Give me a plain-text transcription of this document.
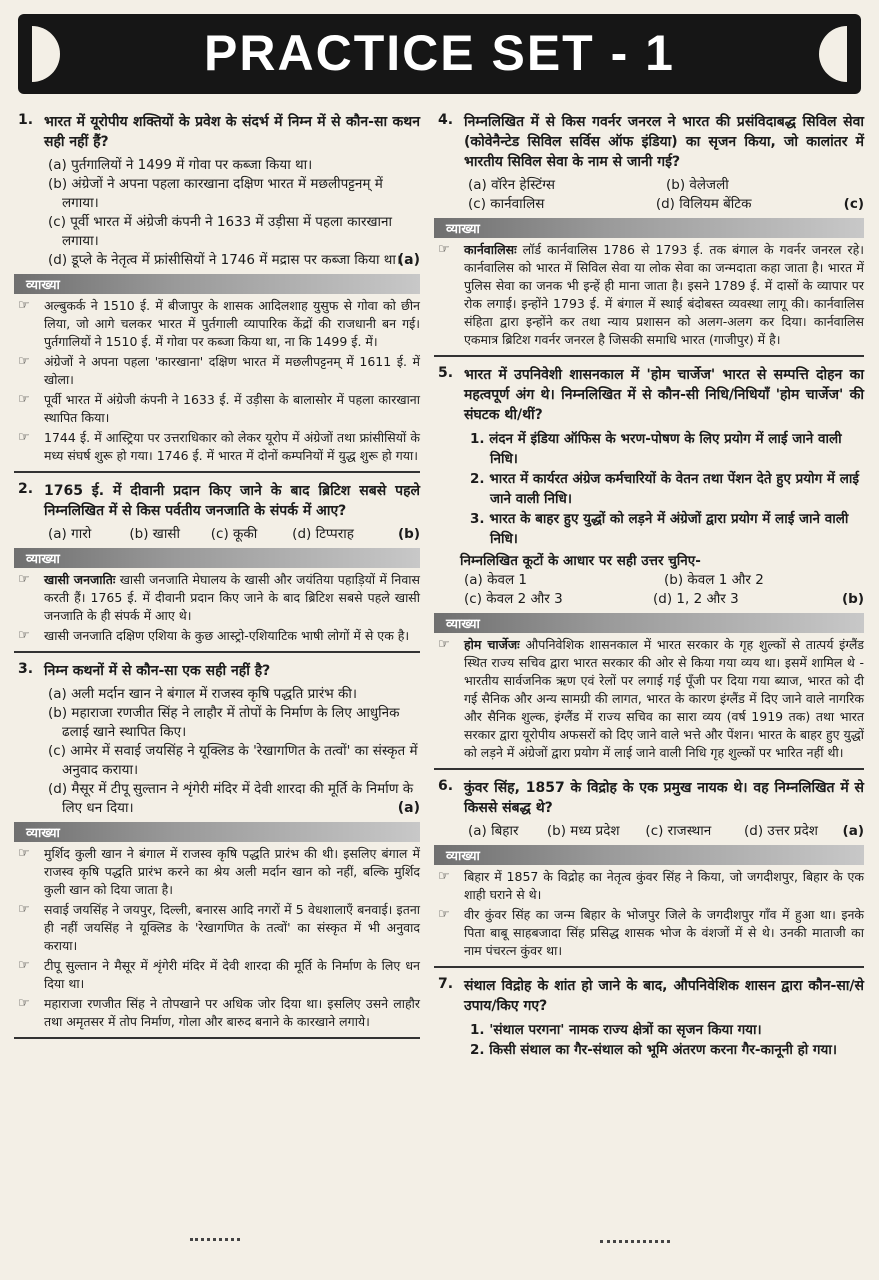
PRACTICE SET - 1
1. भारत में यूरोपीय शक्तियों के प्रवेश के संदर्भ में निम्न में से कौन-सा कथन सही नहीं हैं?
(a) पुर्तगालियों ने 1499 में गोवा पर कब्जा किया था।
(b) अंग्रेजों ने अपना पहला कारखाना दक्षिण भारत में मछलीपट्टनम् में लगाया।
(c) पूर्वी भारत में अंग्रेजी कंपनी ने 1633 में उड़ीसा में पहला कारखाना लगाया।
(d) डूप्ले के नेतृत्व में फ्रांसीसियों ने 1746 में मद्रास पर कब्जा किया था।
(a)
व्याख्या
☞ अल्बुकर्क ने 1510 ई. में बीजापुर के शासक आदिलशाह युसुफ से गोवा को छीन लिया, जो आगे चलकर भारत में पुर्तगाली व्यापारिक केंद्रों की राजधानी बन गई। पुर्तगालियों ने 1510 ई. में गोवा पर कब्जा किया था, ना कि 1499 ई. में।
☞ अंग्रेजों ने अपना पहला 'कारखाना' दक्षिण भारत में मछलीपट्टनम् में 1611 ई. में खोला।
☞ पूर्वी भारत में अंग्रेजी कंपनी ने 1633 ई. में उड़ीसा के बालासोर में पहला कारखाना स्थापित किया।
☞ 1744 ई. में आस्ट्रिया पर उत्तराधिकार को लेकर यूरोप में अंग्रेजों तथा फ्रांसीसियों के मध्य संघर्ष शुरू हो गया। 1746 ई. में भारत में दोनों कम्पनियों में युद्ध शुरू हो गया।
2. 1765 ई. में दीवानी प्रदान किए जाने के बाद ब्रिटिश सबसे पहले निम्नलिखित में से किस पर्वतीय जनजाति के संपर्क में आए?
(a) गारो	(b) खासी	(c) कूकी	(d) टिप्पराह	(b)
व्याख्या
☞ खासी जनजातिः खासी जनजाति मेघालय के खासी और जयंतिया पहाड़ियों में निवास करती हैं। 1765 ई. में दीवानी प्रदान किए जाने के बाद ब्रिटिश सबसे पहले खासी जनजाति के ही संपर्क में आए थे।
☞ खासी जनजाति दक्षिण एशिया के कुछ आस्ट्रो-एशियाटिक भाषी लोगों में से एक है।
3. निम्न कथनों में से कौन-सा एक सही नहीं है?
(a) अली मर्दान खान ने बंगाल में राजस्व कृषि पद्धति प्रारंभ की।
(b) महाराजा रणजीत सिंह ने लाहौर में तोपों के निर्माण के लिए आधुनिक ढलाई खाने स्थापित किए।
(c) आमेर में सवाई जयसिंह ने यूक्लिड के 'रेखागणित के तत्वों' का संस्कृत में अनुवाद कराया।
(d) मैसूर में टीपू सुल्तान ने शृंगेरी मंदिर में देवी शारदा की मूर्ति के निर्माण के लिए धन दिया।	(a)
व्याख्या
☞ मुर्शिद कुली खान ने बंगाल में राजस्व कृषि पद्धति प्रारंभ की थी। इसलिए बंगाल में राजस्व कृषि पद्धति प्रारंभ करने का श्रेय अली मर्दान खान को नहीं, बल्कि मुर्शिद कुली खान को दिया जाता है।
☞ सवाई जयसिंह ने जयपुर, दिल्ली, बनारस आदि नगरों में 5 वेधशालाएँ बनवाई। इतना ही नहीं जयसिंह ने यूक्लिड के 'रेखागणित के तत्वों' का संस्कृत में भी अनुवाद कराया।
☞ टीपू सुल्तान ने मैसूर में शृंगेरी मंदिर में देवी शारदा की मूर्ति के निर्माण के लिए धन दिया था।
☞ महाराजा रणजीत सिंह ने तोपखाने पर अधिक जोर दिया था। इसलिए उसने लाहौर तथा अमृतसर में तोप निर्माण, गोला और बारुद बनाने के कारखाने लगाये।
4. निम्नलिखित में से किस गवर्नर जनरल ने भारत की प्रसंविदाबद्ध सिविल सेवा (कोवेनैन्टेड सिविल सर्विस ऑफ इंडिया) का सृजन किया, जो कालांतर में भारतीय सिविल सेवा के नाम से जानी गई?
(a) वॉरेन हेस्टिंग्स	(b) वेलेजली
(c) कार्नवालिस	(d) विलियम बेंटिक	(c)
व्याख्या
☞ कार्नवालिसः लॉर्ड कार्नवालिस 1786 से 1793 ई. तक बंगाल के गवर्नर जनरल रहे। कार्नवालिस को भारत में सिविल सेवा या लोक सेवा का जन्मदाता कहा जाता है। भारत में पुलिस सेवा का जनक भी इन्हें ही माना जाता है। इसने 1789 ई. में दासों के व्यापार पर रोक लगाई। इन्होंने 1793 ई. में बंगाल में स्थाई बंदोबस्त व्यवस्था लागू की। कार्नवालिस संहिता द्वारा इन्होंने कर तथा न्याय प्रशासन को अलग-अलग कर दिया। कार्नवालिस एकमात्र ब्रिटिश गवर्नर जनरल है जिसकी समाधि भारत (गाजीपुर) में है।
5. भारत में उपनिवेशी शासनकाल में 'होम चार्जेज' भारत से सम्पत्ति दोहन का महत्वपूर्ण अंग थे। निम्नलिखित में से कौन-सी निधि/निधियाँ 'होम चार्जेज' की संघटक थी/थीं?
1. लंदन में इंडिया ऑफिस के भरण-पोषण के लिए प्रयोग में लाई जाने वाली निधि।
2. भारत में कार्यरत अंग्रेज कर्मचारियों के वेतन तथा पेंशन देते हुए प्रयोग में लाई जाने वाली निधि।
3. भारत के बाहर हुए युद्धों को लड़ने में अंग्रेजों द्वारा प्रयोग में लाई जाने वाली निधि।
निम्नलिखित कूटों के आधार पर सही उत्तर चुनिए-
(a) केवल 1	(b) केवल 1 और 2
(c) केवल 2 और 3	(d) 1, 2 और 3	(b)
व्याख्या
☞ होम चार्जेजः औपनिवेशिक शासनकाल में भारत सरकार के गृह शुल्कों से तात्पर्य इंग्लैंड स्थित राज्य सचिव द्वारा भारत सरकार की ओर से किया गया व्यय था। इसमें शामिल थे - भारतीय सार्वजनिक ऋण एवं रेलों पर लगाई गई पूँजी पर दिया गया ब्याज, भारत को दी गई सैनिक और अन्य सामग्री की लागत, भारत के कारण इंग्लैंड में दिए जाने वाले नागरिक और सैनिक शुल्क, इंग्लैंड में राज्य सचिव का सारा व्यय (वर्ष 1919 तक) तथा भारत सरकार द्वारा यूरोपीय अफसरों को दिए जाने वाले भत्ते और पेंशन। भारत के बाहर हुए युद्धों को लड़ने में अंग्रेजों द्वारा प्रयोग में लाई जाने वाली निधि गृह शुल्कों पर भारित नहीं थी।
6. कुंवर सिंह, 1857 के विद्रोह के एक प्रमुख नायक थे। वह निम्नलिखित में से किससे संबद्ध थे?
(a) बिहार	(b) मध्य प्रदेश	(c) राजस्थान	(d) उत्तर प्रदेश	(a)
व्याख्या
☞ बिहार में 1857 के विद्रोह का नेतृत्व कुंवर सिंह ने किया, जो जगदीशपुर, बिहार के एक शाही घराने से थे।
☞ वीर कुंवर सिंह का जन्म बिहार के भोजपुर जिले के जगदीशपुर गाँव में हुआ था। इनके पिता बाबू साहबजादा सिंह प्रसिद्ध शासक भोज के वंशजों में से थे। उनकी माताजी का नाम पंचरत्न कुंवर था।
7. संथाल विद्रोह के शांत हो जाने के बाद, औपनिवेशिक शासन द्वारा कौन-सा/से उपाय/किए गए?
1. 'संथाल परगना' नामक राज्य क्षेत्रों का सृजन किया गया।
2. किसी संथाल का गैर-संथाल को भूमि अंतरण करना गैर-कानूनी हो गया।
